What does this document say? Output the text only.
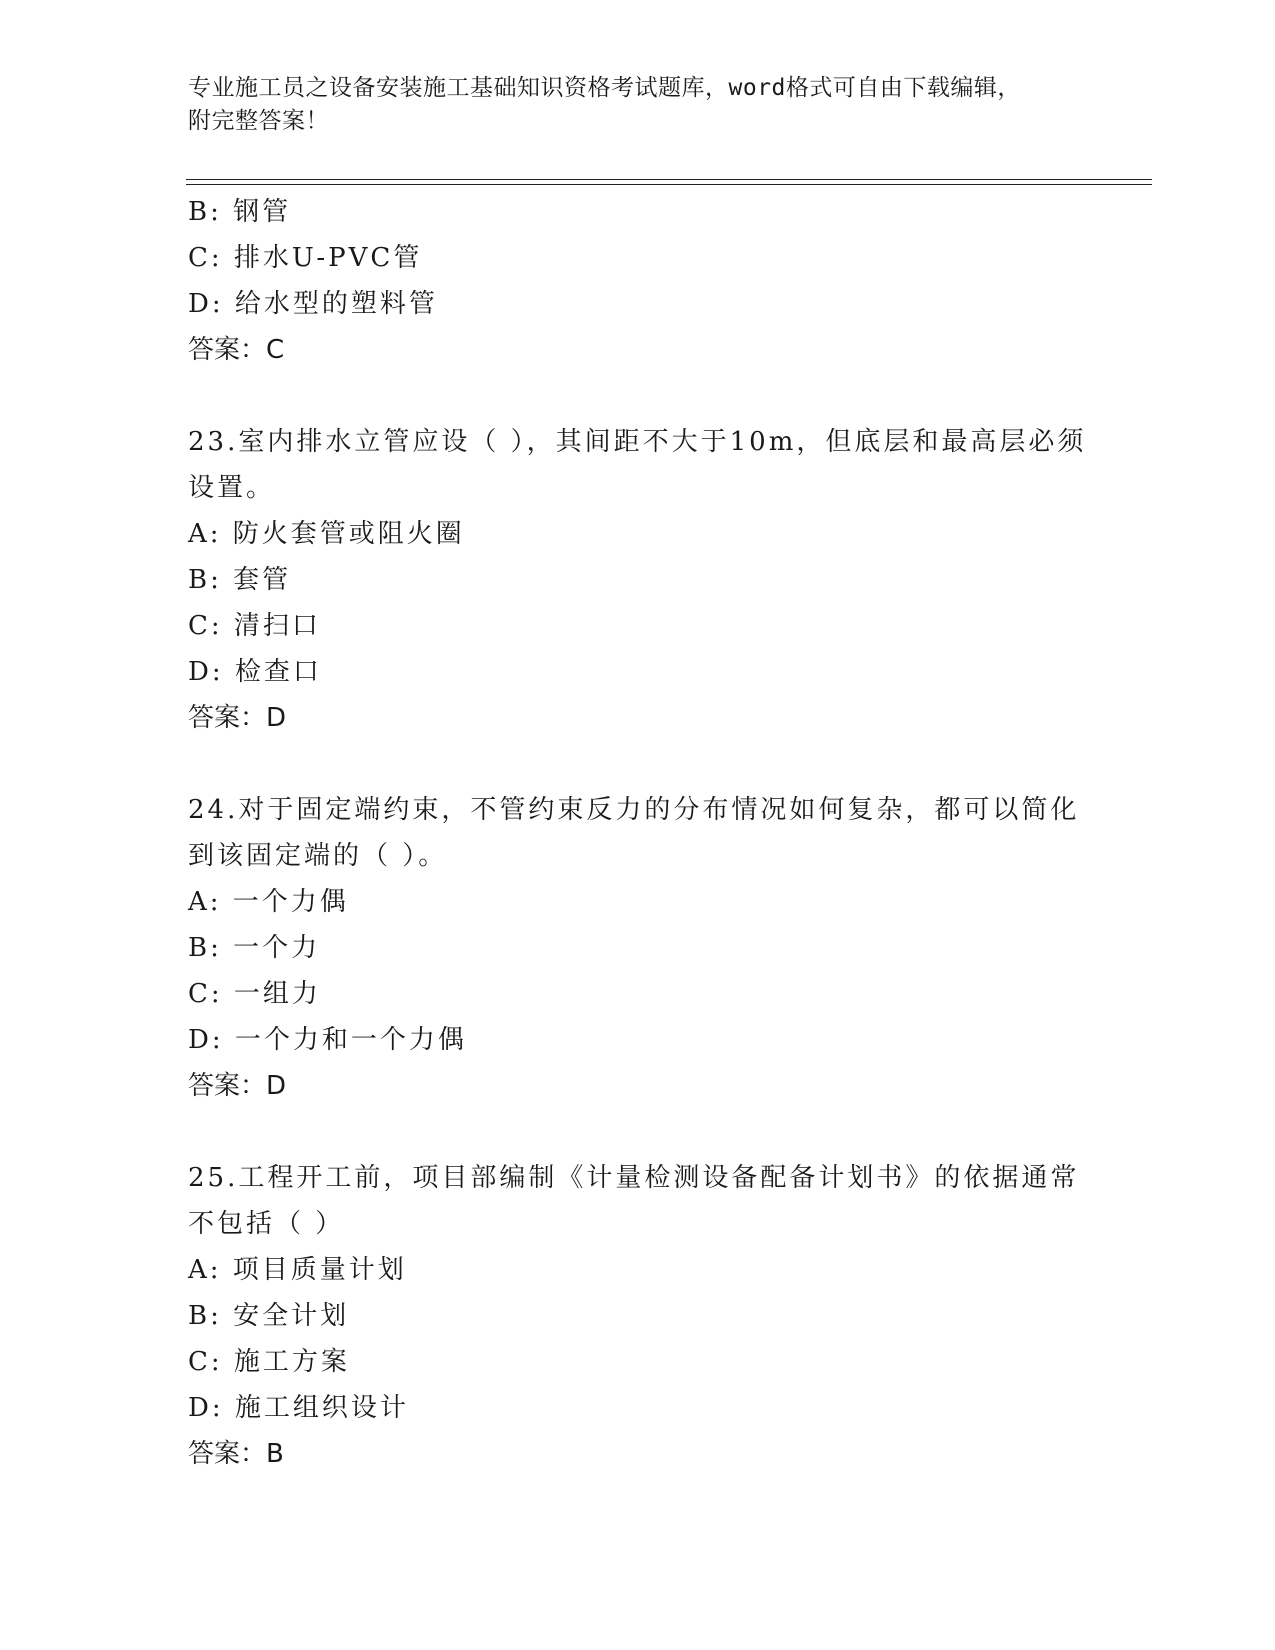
专业施工员之设备安装施工基础知识资格考试题库，word格式可自由下载编辑，
附完整答案！
B: 钢管
C: 排水U-PVC管
D: 给水型的塑料管
答案：C
23.室内排水立管应设（ ），其间距不大于10m，但底层和最高层必须
设置。
A: 防火套管或阻火圈
B: 套管
C: 清扫口
D: 检查口
答案：D
24.对于固定端约束，不管约束反力的分布情况如何复杂，都可以简化
到该固定端的（ ）。
A: 一个力偶
B: 一个力
C: 一组力
D: 一个力和一个力偶
答案：D
25.工程开工前，项目部编制《计量检测设备配备计划书》的依据通常
不包括（ ）
A: 项目质量计划
B: 安全计划
C: 施工方案
D: 施工组织设计
答案：B
